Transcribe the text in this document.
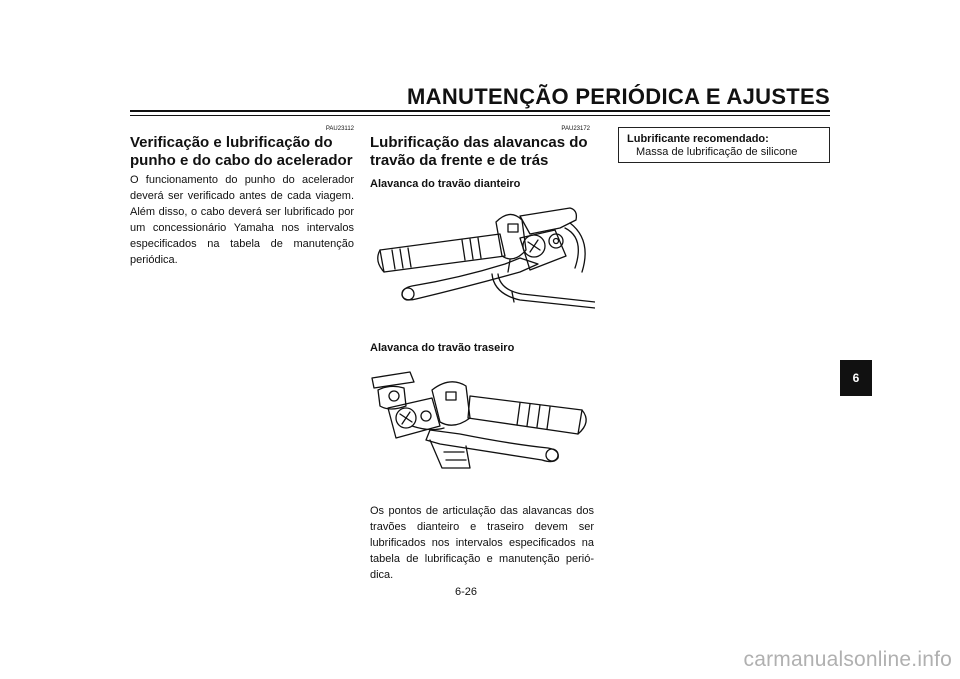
MANUTENÇÃO PERIÓDICA E AJUSTES
PAU23112
Verificação e lubrificação do
punho e do cabo do acelerador

O funcionamento do punho do acelerador deverá ser verificado antes de cada viagem. Além disso, o cabo deverá ser lubrificado por um concessionário Yamaha nos intervalos especificados na tabela de manutenção periódica.

PAU23172
Lubrificação das alavancas do
travão da frente e de trás
Alavanca do travão dianteiro
Alavanca do travão traseiro

Os pontos de articulação das alavancas dos travões dianteiro e traseiro devem ser lubrificados nos intervalos especificados na tabela de lubrificação e manutenção periódica.

Lubrificante recomendado:
Massa de lubrificação de silicone
6
6-26
carmanualsonline.info
